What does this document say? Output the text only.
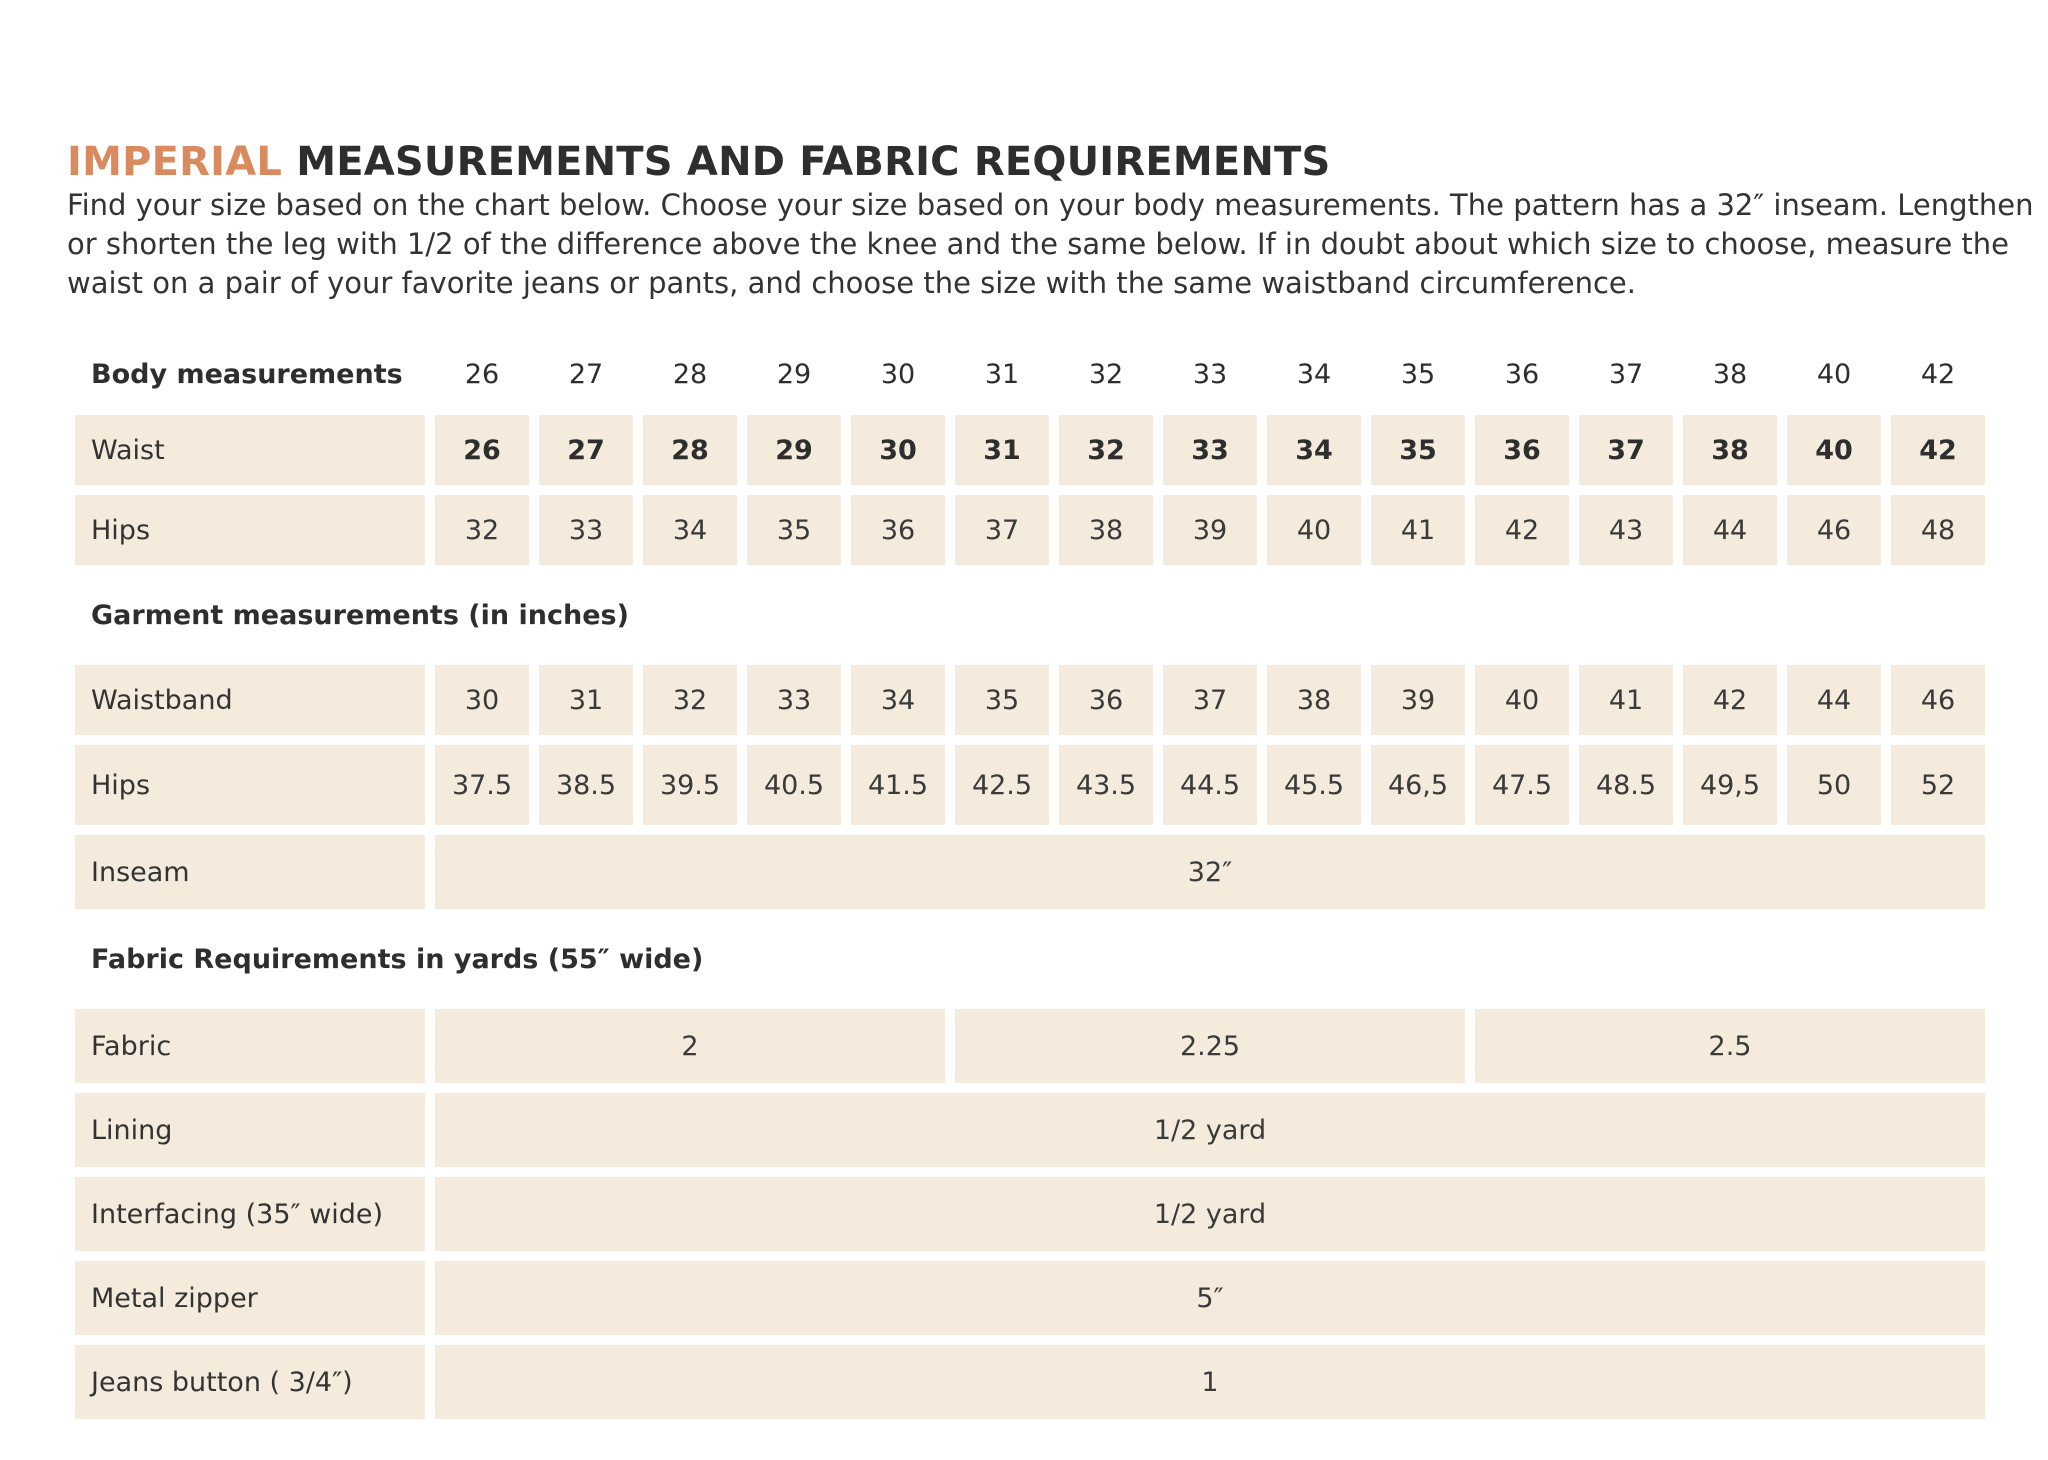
IMPERIAL MEASUREMENTS AND FABRIC REQUIREMENTS
Find your size based on the chart below. Choose your size based on your body measurements. The pattern has a 32″ inseam. Lengthen
or shorten the leg with 1/2 of the difference above the knee and the same below. If in doubt about which size to choose, measure the
waist on a pair of your favorite jeans or pants, and choose the size with the same waistband circumference.
Body measurements	26	27	28	29	30	31	32	33	34	35	36	37	38	40	42
Waist	26	27	28	29	30	31	32	33	34	35	36	37	38	40	42
Hips	32	33	34	35	36	37	38	39	40	41	42	43	44	46	48
Garment measurements (in inches)
Waistband	30	31	32	33	34	35	36	37	38	39	40	41	42	44	46
Hips	37.5	38.5	39.5	40.5	41.5	42.5	43.5	44.5	45.5	46,5	47.5	48.5	49,5	50	52
Inseam	32″
Fabric Requirements in yards (55″ wide)
Fabric	2	2.25	2.5
Lining	1/2 yard
Interfacing (35″ wide)	1/2 yard
Metal zipper	5″
Jeans button ( 3/4″)	1
